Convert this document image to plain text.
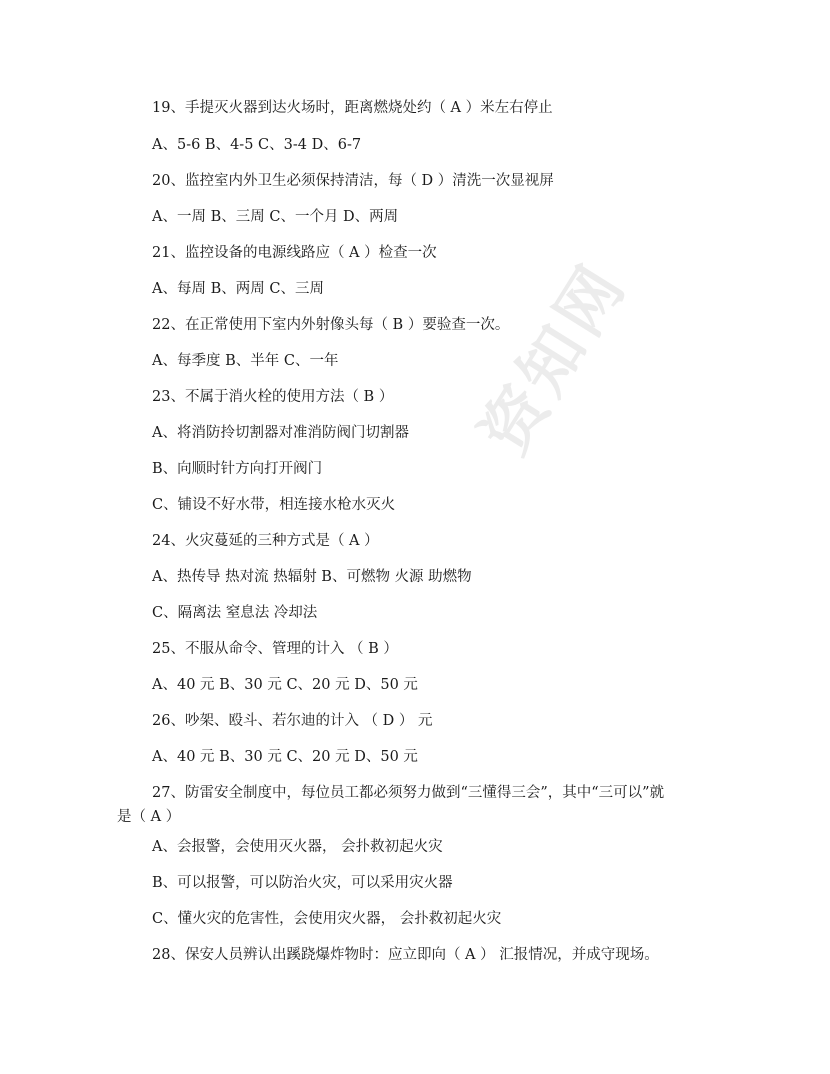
资知网
19、手提灭火器到达火场时，距离燃烧处约（ A ）米左右停止
A、5-6 B、4-5 C、3-4 D、6-7
20、监控室内外卫生必须保持清洁，每（ D ）清洗一次显视屏
A、一周 B、三周 C、一个月 D、两周
21、监控设备的电源线路应（ A ）检查一次
A、每周 B、两周 C、三周
22、在正常使用下室内外射像头每（ B ）要验查一次。
A、每季度 B、半年 C、一年
23、不属于消火栓的使用方法（ B ）
A、将消防拎切割器对准消防阀门切割器
B、向顺时针方向打开阀门
C、铺设不好水带，相连接水枪水灭火
24、火灾蔓延的三种方式是（ A ）
A、热传导 热对流 热辐射 B、可燃物 火源 助燃物
C、隔离法 窒息法 冷却法
25、不服从命令、管理的计入 （ B ）
A、40 元 B、30 元 C、20 元 D、50 元
26、吵架、殴斗、若尔迪的计入 （ D ） 元
A、40 元 B、30 元 C、20 元 D、50 元
27、防雷安全制度中，每位员工都必须努力做到“三懂得三会”，其中“三可以”就
是（ A ）
A、会报警，会使用灭火器， 会扑救初起火灾
B、可以报警，可以防治火灾，可以采用灾火器
C、懂火灾的危害性，会使用灾火器， 会扑救初起火灾
28、保安人员辨认出蹊跷爆炸物时：应立即向（ A ） 汇报情况，并成守现场。
